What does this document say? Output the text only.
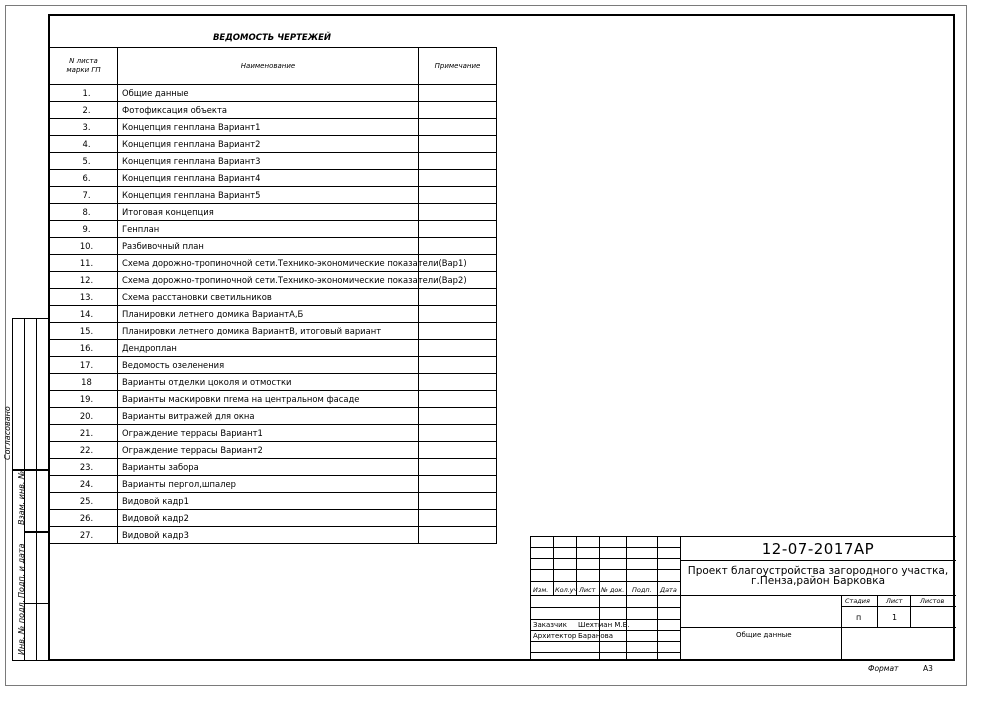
ВЕДОМОСТЬ ЧЕРТЕЖЕЙ
N листа
марки ГП	Наименование	Примечание
1.	Общие данные	
2.	Фотофиксация объекта	
3.	Концепция генплана Вариант1	
4.	Концепция генплана Вариант2	
5.	Концепция генплана Вариант3	
6.	Концепция генплана Вариант4	
7.	Концепция генплана Вариант5	
8.	Итоговая концепция	
9.	Генплан	
10.	Разбивочный план	
11.	Схема дорожно-тропиночной сети.Технико-экономические показатели(Вар1)	
12.	Схема дорожно-тропиночной сети.Технико-экономические показатели(Вар2)	
13.	Схема расстановки светильников	
14.	Планировки летнего домика ВариантА,Б	
15.	Планировки летнего домика ВариантВ, итоговый вариант	
16.	Дендроплан	
17.	Ведомость озеленения	
18	Варианты отделки цоколя и отмостки	
19.	Варианты маскировки пrема на центральном фасаде	
20.	Варианты витражей для окна	
21.	Ограждение террасы Вариант1	
22.	Ограждение террасы Вариант2	
23.	Варианты забора	
24.	Варианты пергол,шпалер	
25.	Видовой кадр1	
26.	Видовой кадр2	
27.	Видовой кадр3	
Согласовано
Взам. инв. №
Подп. и дата
Инв. № подл.
Изм. Кол.уч Лист № док. Подп. Дата
Заказчик Шехтман М.Б.
Архитектор Баранова
Стадия Лист	Листов
п	1
Общие данные
12-07-2017АР
Проект благоустройства загородного участка,
г.Пенза,район Барковка
Формат	А3
